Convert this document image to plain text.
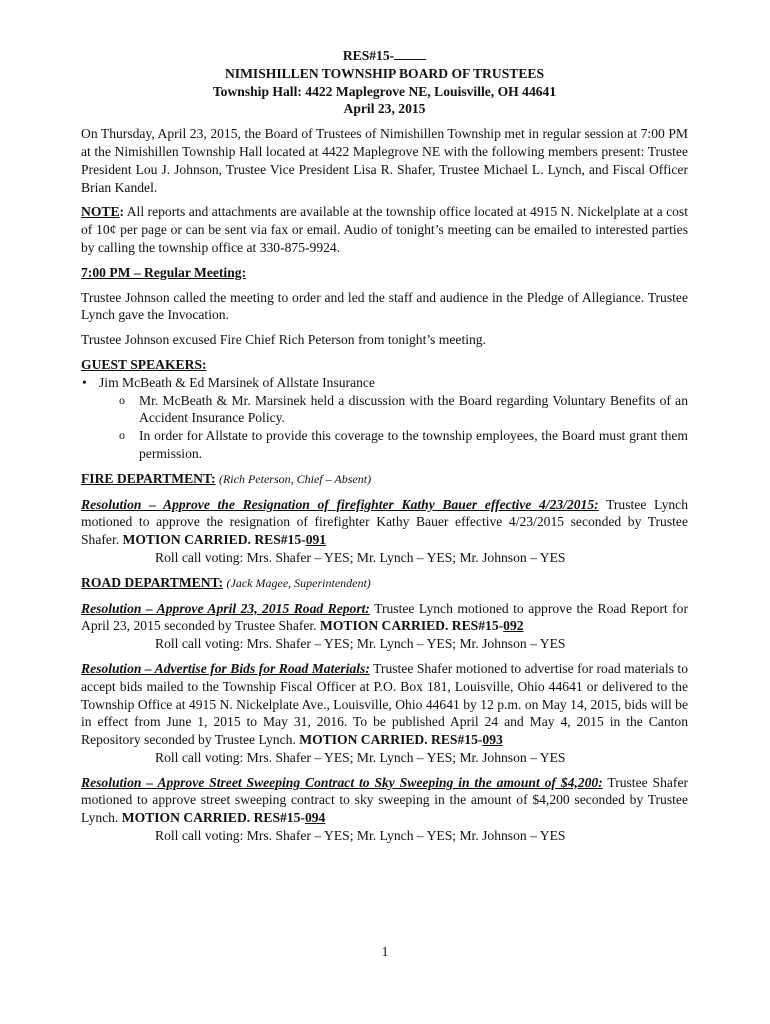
RES#15-
NIMISHILLEN TOWNSHIP BOARD OF TRUSTEES
Township Hall: 4422 Maplegrove NE, Louisville, OH 44641
April 23, 2015

On Thursday, April 23, 2015, the Board of Trustees of Nimishillen Township met in regular session at 7:00 PM at the Nimishillen Township Hall located at 4422 Maplegrove NE with the following members present: Trustee President Lou J. Johnson, Trustee Vice President Lisa R. Shafer, Trustee Michael L. Lynch, and Fiscal Officer Brian Kandel.

NOTE: All reports and attachments are available at the township office located at 4915 N. Nickelplate at a cost of 10¢ per page or can be sent via fax or email. Audio of tonight’s meeting can be emailed to interested parties by calling the township office at 330-875-9924.

7:00 PM – Regular Meeting:

Trustee Johnson called the meeting to order and led the staff and audience in the Pledge of Allegiance. Trustee Lynch gave the Invocation.

Trustee Johnson excused Fire Chief Rich Peterson from tonight’s meeting.

GUEST SPEAKERS:

• Jim McBeath & Ed Marsinek of Allstate Insurance
o Mr. McBeath & Mr. Marsinek held a discussion with the Board regarding Voluntary Benefits of an Accident Insurance Policy.
o In order for Allstate to provide this coverage to the township employees, the Board must grant them permission.

FIRE DEPARTMENT: (Rich Peterson, Chief – Absent)

Resolution – Approve the Resignation of firefighter Kathy Bauer effective 4/23/2015: Trustee Lynch motioned to approve the resignation of firefighter Kathy Bauer effective 4/23/2015 seconded by Trustee Shafer. MOTION CARRIED. RES#15-091

Roll call voting: Mrs. Shafer – YES; Mr. Lynch – YES; Mr. Johnson – YES

ROAD DEPARTMENT: (Jack Magee, Superintendent)

Resolution – Approve April 23, 2015 Road Report: Trustee Lynch motioned to approve the Road Report for April 23, 2015 seconded by Trustee Shafer. MOTION CARRIED. RES#15-092

Roll call voting: Mrs. Shafer – YES; Mr. Lynch – YES; Mr. Johnson – YES

Resolution – Advertise for Bids for Road Materials: Trustee Shafer motioned to advertise for road materials to accept bids mailed to the Township Fiscal Officer at P.O. Box 181, Louisville, Ohio 44641 or delivered to the Township Office at 4915 N. Nickelplate Ave., Louisville, Ohio 44641 by 12 p.m. on May 14, 2015, bids will be in effect from June 1, 2015 to May 31, 2016. To be published April 24 and May 4, 2015 in the Canton Repository seconded by Trustee Lynch. MOTION CARRIED. RES#15-093

Roll call voting: Mrs. Shafer – YES; Mr. Lynch – YES; Mr. Johnson – YES

Resolution – Approve Street Sweeping Contract to Sky Sweeping in the amount of $4,200: Trustee Shafer motioned to approve street sweeping contract to sky sweeping in the amount of $4,200 seconded by Trustee Lynch. MOTION CARRIED. RES#15-094

Roll call voting: Mrs. Shafer – YES; Mr. Lynch – YES; Mr. Johnson – YES

1
